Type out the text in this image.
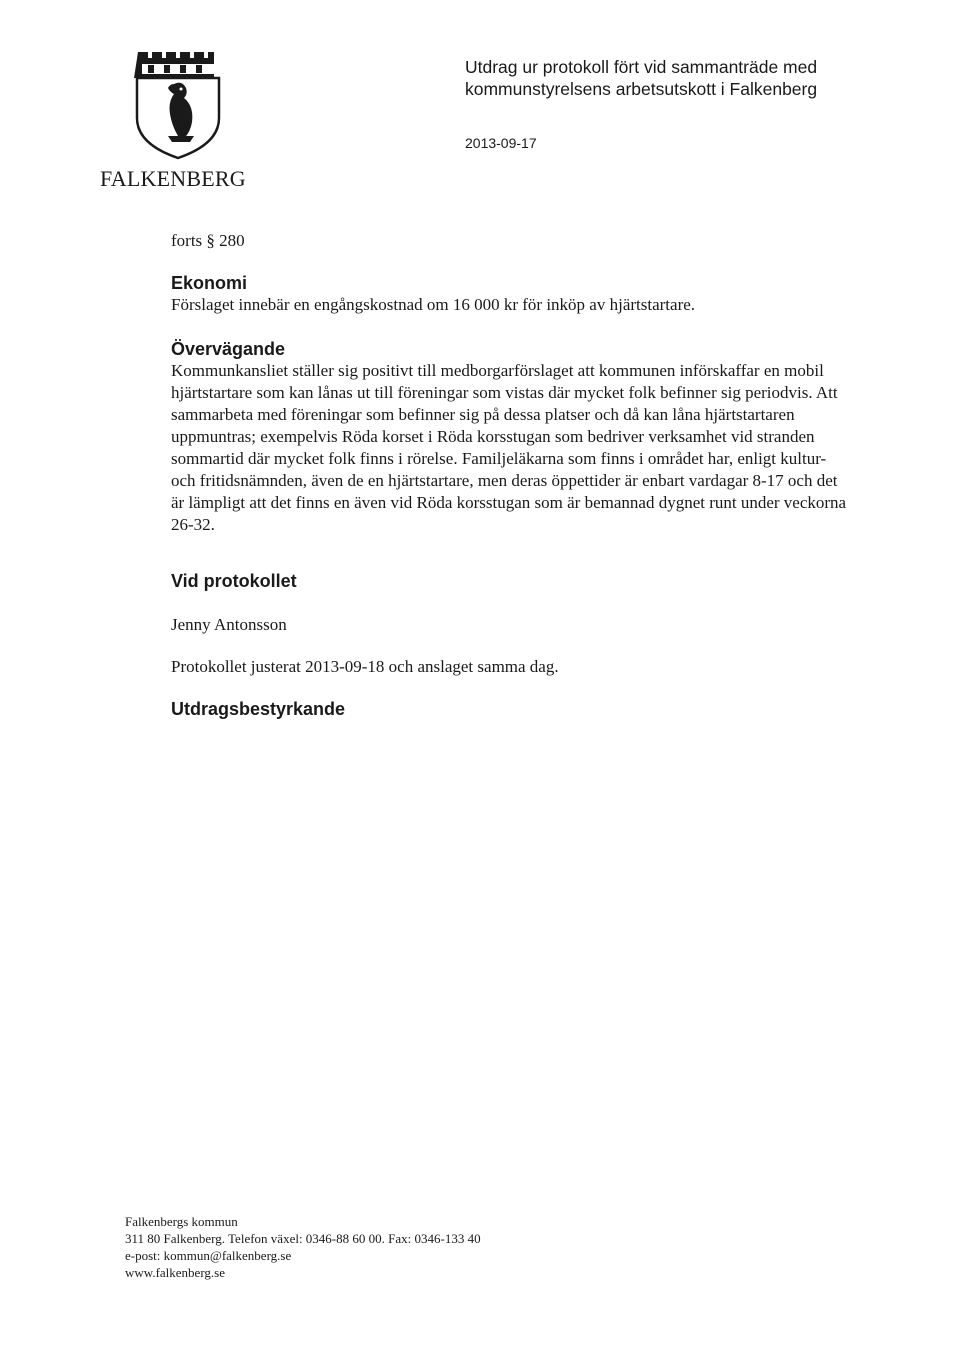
FALKENBERG
Utdrag ur protokoll fört vid sammanträde med
kommunstyrelsens arbetsutskott i Falkenberg
2013-09-17

forts § 280

Ekonomi

Förslaget innebär en engångskostnad om 16 000 kr för inköp av hjärtstartare.

Övervägande

Kommunkansliet ställer sig positivt till medborgarförslaget att kommunen införskaffar en mobil hjärtstartare som kan lånas ut till föreningar som vistas där mycket folk befinner sig periodvis. Att sammarbeta med föreningar som befinner sig på dessa platser och då kan låna hjärtstartaren uppmuntras; exempelvis Röda korset i Röda korsstugan som bedriver verksamhet vid stranden sommartid där mycket folk finns i rörelse. Familjeläkarna som finns i området har, enligt kultur- och fritidsnämnden, även de en hjärtstartare, men deras öppettider är enbart vardagar 8-17 och det är lämpligt att det finns en även vid Röda korsstugan som är bemannad dygnet runt under veckorna 26-32.

Vid protokollet

Jenny Antonsson

Protokollet justerat 2013-09-18 och anslaget samma dag.

Utdragsbestyrkande

Falkenbergs kommun
311 80 Falkenberg. Telefon växel: 0346-88 60 00. Fax: 0346-133 40
e-post: kommun@falkenberg.se
www.falkenberg.se
